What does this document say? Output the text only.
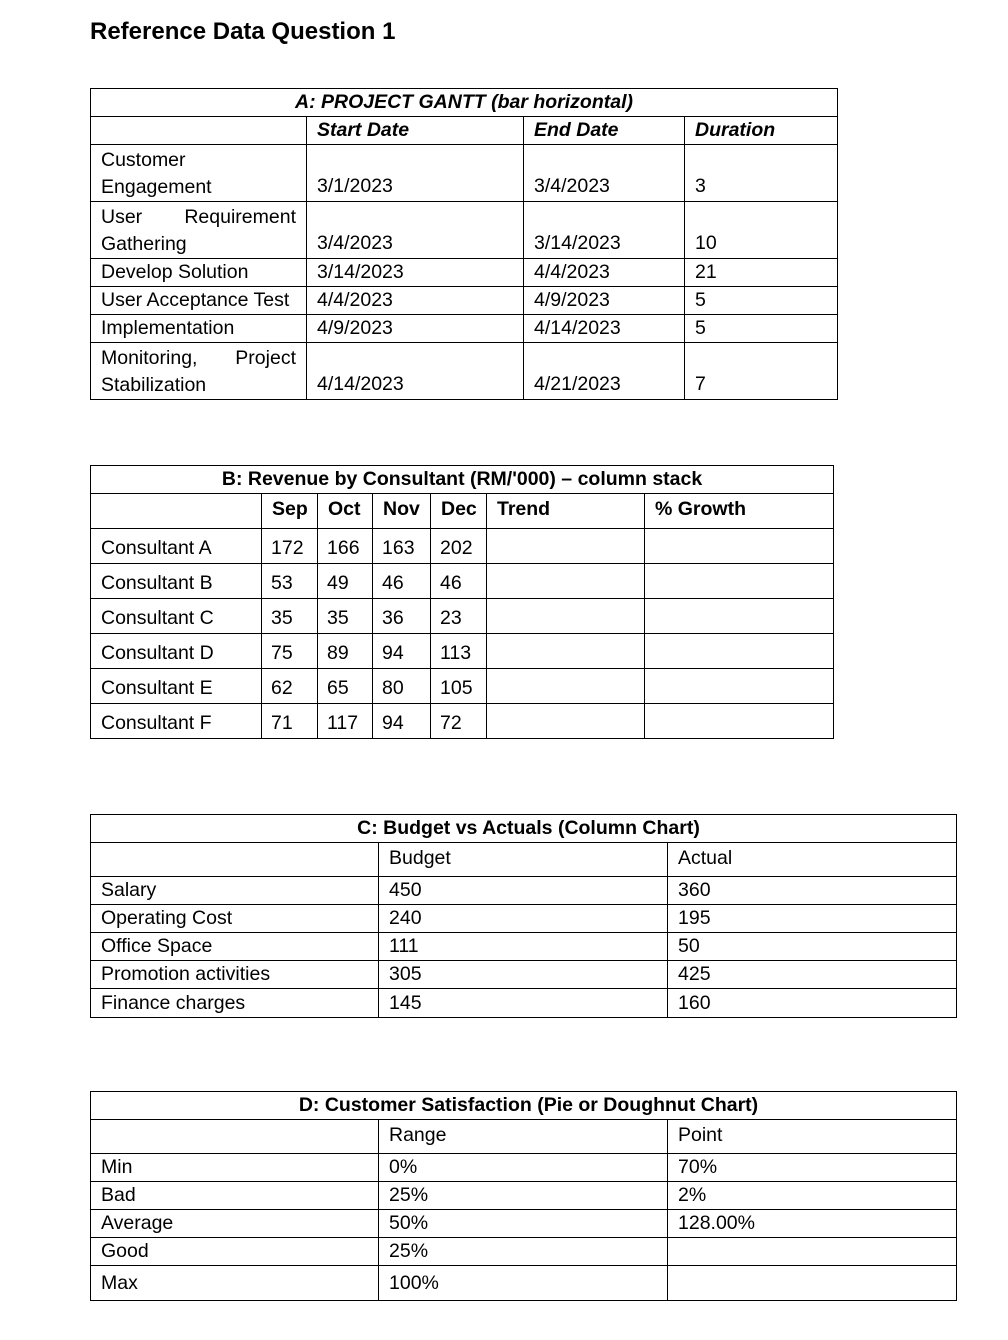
Reference Data Question 1
A: PROJECT GANTT (bar horizontal)			
	Start Date	End Date	Duration

Customer
Engagement	3/1/2023	3/4/2023	3

User Requirement
Gathering	3/4/2023	3/14/2023	10
Develop Solution	3/14/2023	4/4/2023	21
User Acceptance Test	4/4/2023	4/9/2023	5
Implementation	4/9/2023	4/14/2023	5

Monitoring, Project
Stabilization	4/14/2023	4/21/2023	7
B: Revenue by Consultant (RM/'000) – column stack						
	Sep	Oct	Nov	Dec	Trend	% Growth
Consultant A	172	166	163	202		
Consultant B	53	49	46	46		
Consultant C	35	35	36	23		
Consultant D	75	89	94	113		
Consultant E	62	65	80	105		
Consultant F	71	117	94	72		
C: Budget vs Actuals (Column Chart)		
	Budget	Actual
Salary	450	360
Operating Cost	240	195
Office Space	111	50
Promotion activities	305	425
Finance charges	145	160
D: Customer Satisfaction (Pie or Doughnut Chart)		
	Range	Point
Min	0%	70%
Bad	25%	2%
Average	50%	128.00%
Good	25%	
Max	100%	
